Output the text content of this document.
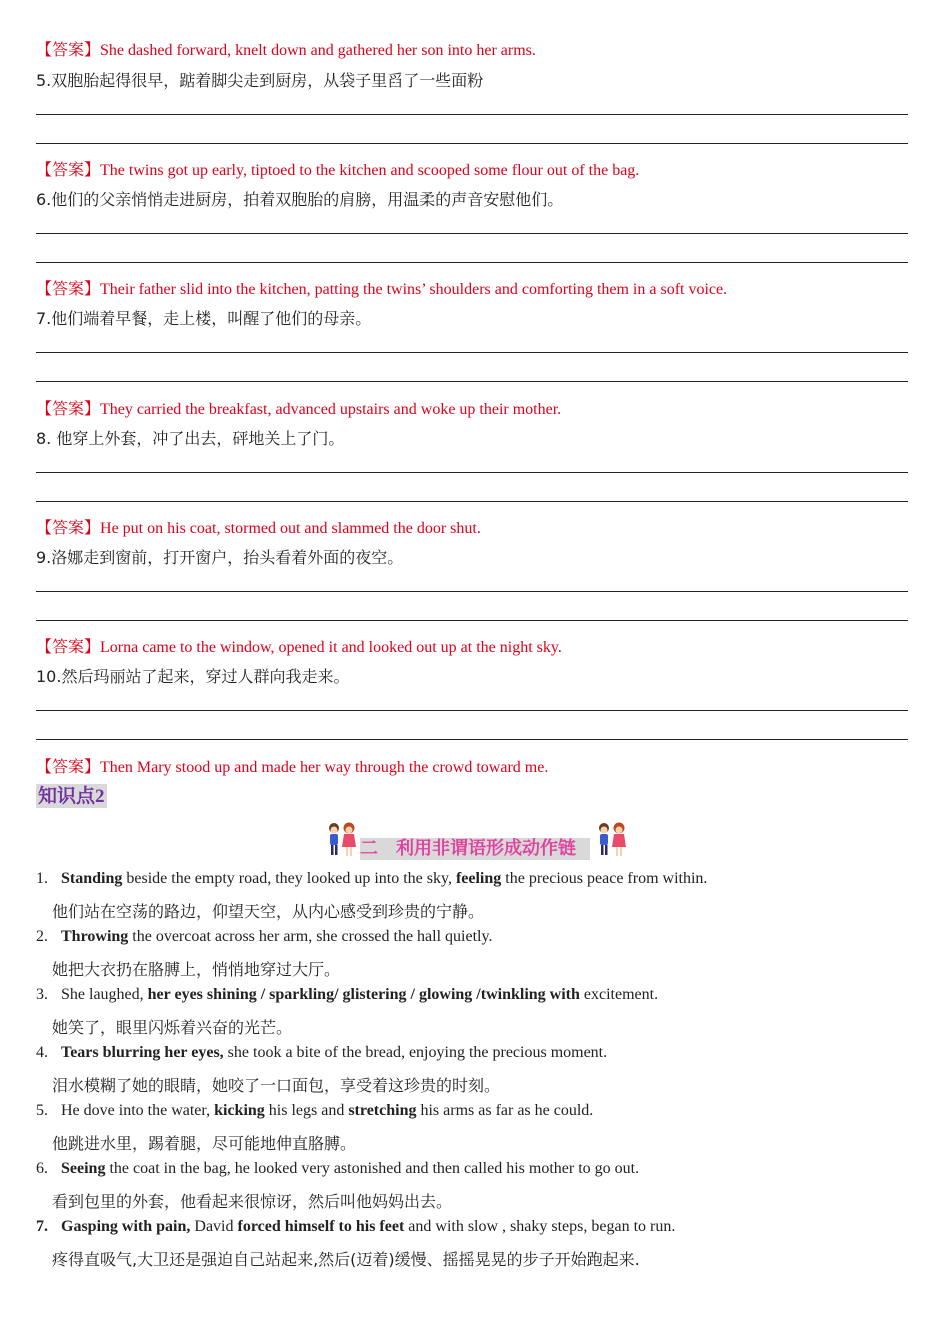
【答案】She dashed forward, knelt down and gathered her son into her arms.
5.双胞胎起得很早，踮着脚尖走到厨房，从袋子里舀了一些面粉
【答案】The twins got up early, tiptoed to the kitchen and scooped some flour out of the bag.
6.他们的父亲悄悄走进厨房，拍着双胞胎的肩膀，用温柔的声音安慰他们。
【答案】Their father slid into the kitchen, patting the twins’ shoulders and comforting them in a soft voice.
7.他们端着早餐，走上楼，叫醒了他们的母亲。
【答案】They carried the breakfast, advanced upstairs and woke up their mother.
8. 他穿上外套，冲了出去，砰地关上了门。
【答案】He put on his coat, stormed out and slammed the door shut.
9.洛娜走到窗前，打开窗户，抬头看着外面的夜空。
【答案】Lorna came to the window, opened it and looked out up at the night sky.
10.然后玛丽站了起来，穿过人群向我走来。
【答案】Then Mary stood up and made her way through the crowd toward me.
知识点2
二　利用非谓语形成动作链
1. Standing beside the empty road, they looked up into the sky, feeling the precious peace from within.
他们站在空荡的路边，仰望天空，从内心感受到珍贵的宁静。
2. Throwing the overcoat across her arm, she crossed the hall quietly.
她把大衣扔在胳膊上，悄悄地穿过大厅。
3. She laughed, her eyes shining / sparkling/ glistering / glowing /twinkling with excitement.
她笑了，眼里闪烁着兴奋的光芒。
4. Tears blurring her eyes, she took a bite of the bread, enjoying the precious moment.
泪水模糊了她的眼睛，她咬了一口面包，享受着这珍贵的时刻。
5. He dove into the water, kicking his legs and stretching his arms as far as he could.
他跳进水里，踢着腿，尽可能地伸直胳膊。
6. Seeing the coat in the bag, he looked very astonished and then called his mother to go out.
看到包里的外套，他看起来很惊讶，然后叫他妈妈出去。
7. Gasping with pain, David forced himself to his feet and with slow , shaky steps, began to run.
疼得直吸气,大卫还是强迫自己站起来,然后(迈着)缓慢、摇摇晃晃的步子开始跑起来.
